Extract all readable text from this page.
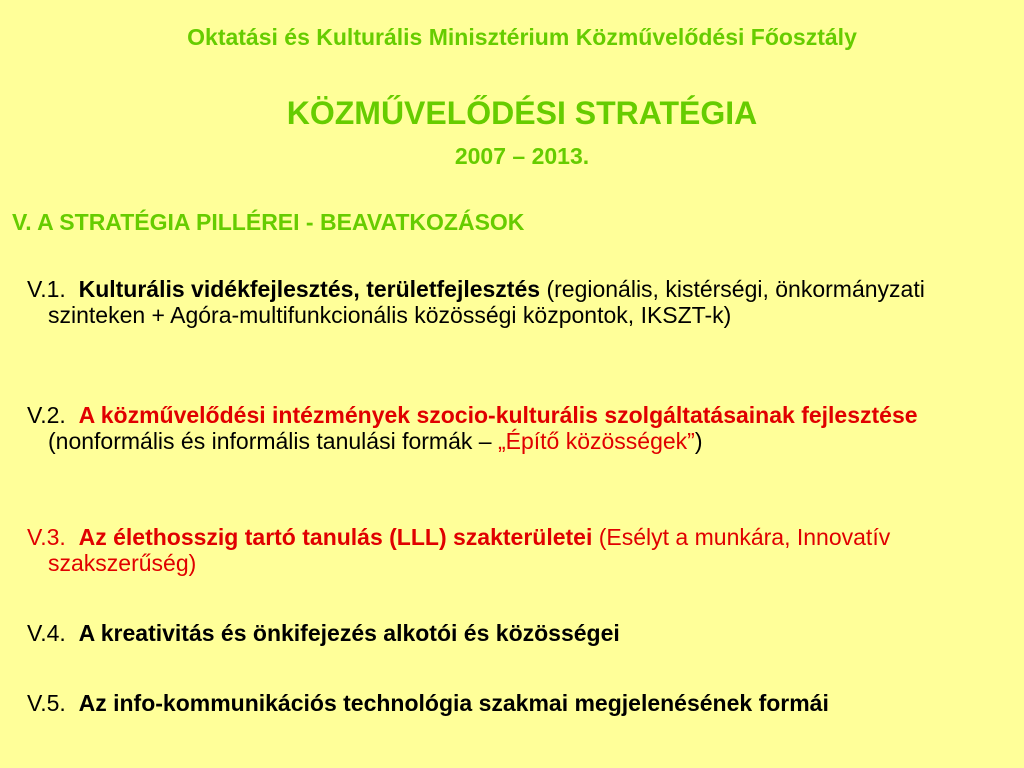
Oktatási és Kulturális Minisztérium Közművelődési Főosztály
KÖZMŰVELŐDÉSI STRATÉGIA
2007 – 2013.
V. A STRATÉGIA PILLÉREI - BEAVATKOZÁSOK
V.1. Kulturális vidékfejlesztés, területfejlesztés (regionális, kistérségi, önkormányzati szinteken + Agóra-multifunkcionális közösségi központok, IKSZT-k)
V.2. A közművelődési intézmények szocio-kulturális szolgáltatásainak fejlesztése (nonformális és informális tanulási formák – „Építő közösségek”)
V.3. Az élethosszig tartó tanulás (LLL) szakterületei (Esélyt a munkára, Innovatív szakszerűség)
V.4. A kreativitás és önkifejezés alkotói és közösségei
V.5. Az info-kommunikációs technológia szakmai megjelenésének formái
